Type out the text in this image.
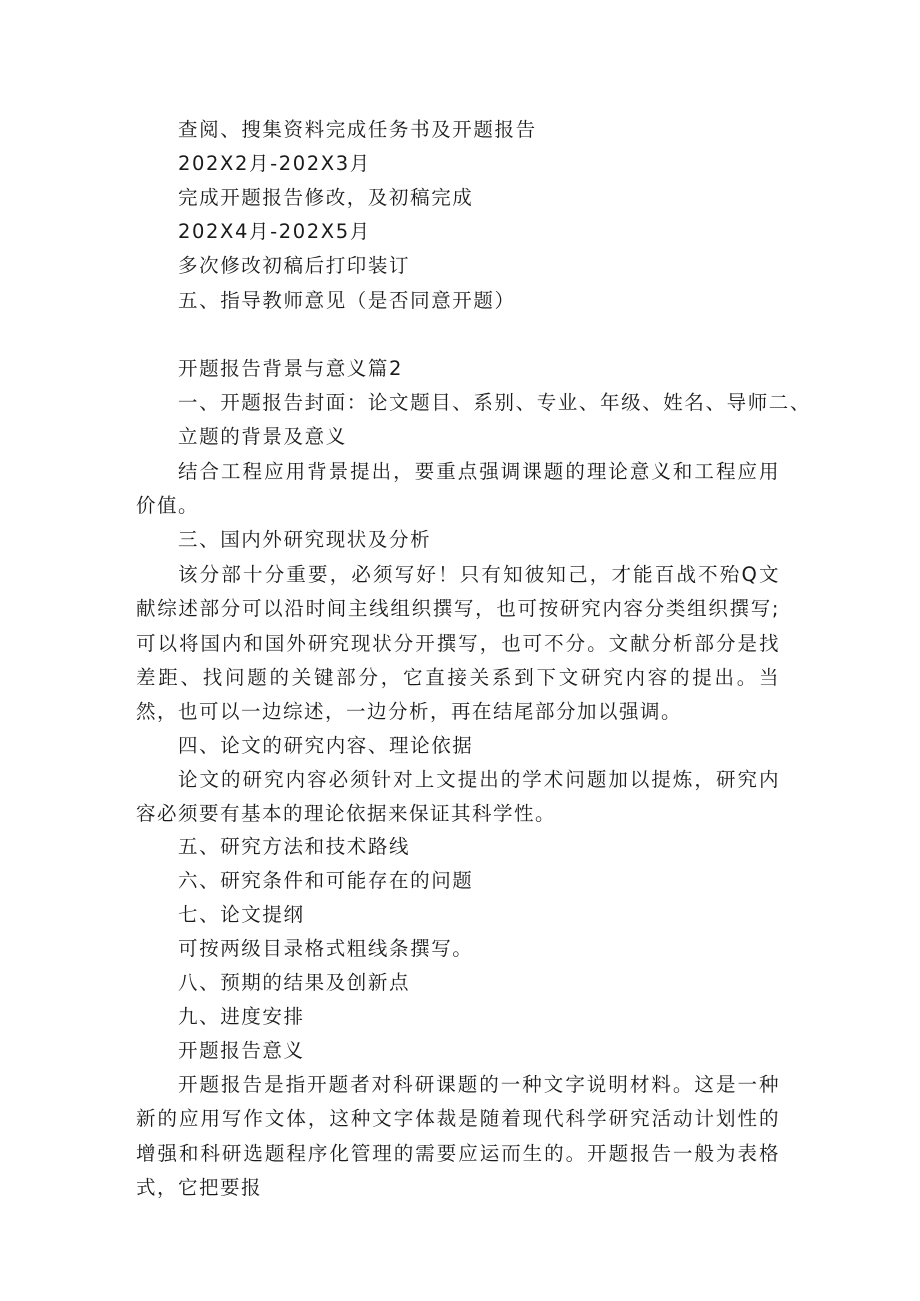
查阅、搜集资料完成任务书及开题报告
202X2月-202X3月
完成开题报告修改，及初稿完成
202X4月-202X5月
多次修改初稿后打印装订
五、指导教师意见（是否同意开题）
开题报告背景与意义篇2
一、开题报告封面：论文题目、系别、专业、年级、姓名、导师二、
立题的背景及意义
结合工程应用背景提出，要重点强调课题的理论意义和工程应用价值。
三、国内外研究现状及分析
该分部十分重要，必须写好！只有知彼知己，才能百战不殆Q文献综述部分可以沿时间主线组织撰写，也可按研究内容分类组织撰写;可以将国内和国外研究现状分开撰写，也可不分。文献分析部分是找差距、找问题的关键部分，它直接关系到下文研究内容的提出。当然，也可以一边综述，一边分析，再在结尾部分加以强调。
四、论文的研究内容、理论依据
论文的研究内容必须针对上文提出的学术问题加以提炼，研究内容必须要有基本的理论依据来保证其科学性。
五、研究方法和技术路线
六、研究条件和可能存在的问题
七、论文提纲
可按两级目录格式粗线条撰写。
八、预期的结果及创新点
九、进度安排
开题报告意义
开题报告是指开题者对科研课题的一种文字说明材料。这是一种新的应用写作文体，这种文字体裁是随着现代科学研究活动计划性的增强和科研选题程序化管理的需要应运而生的。开题报告一般为表格式，它把要报
